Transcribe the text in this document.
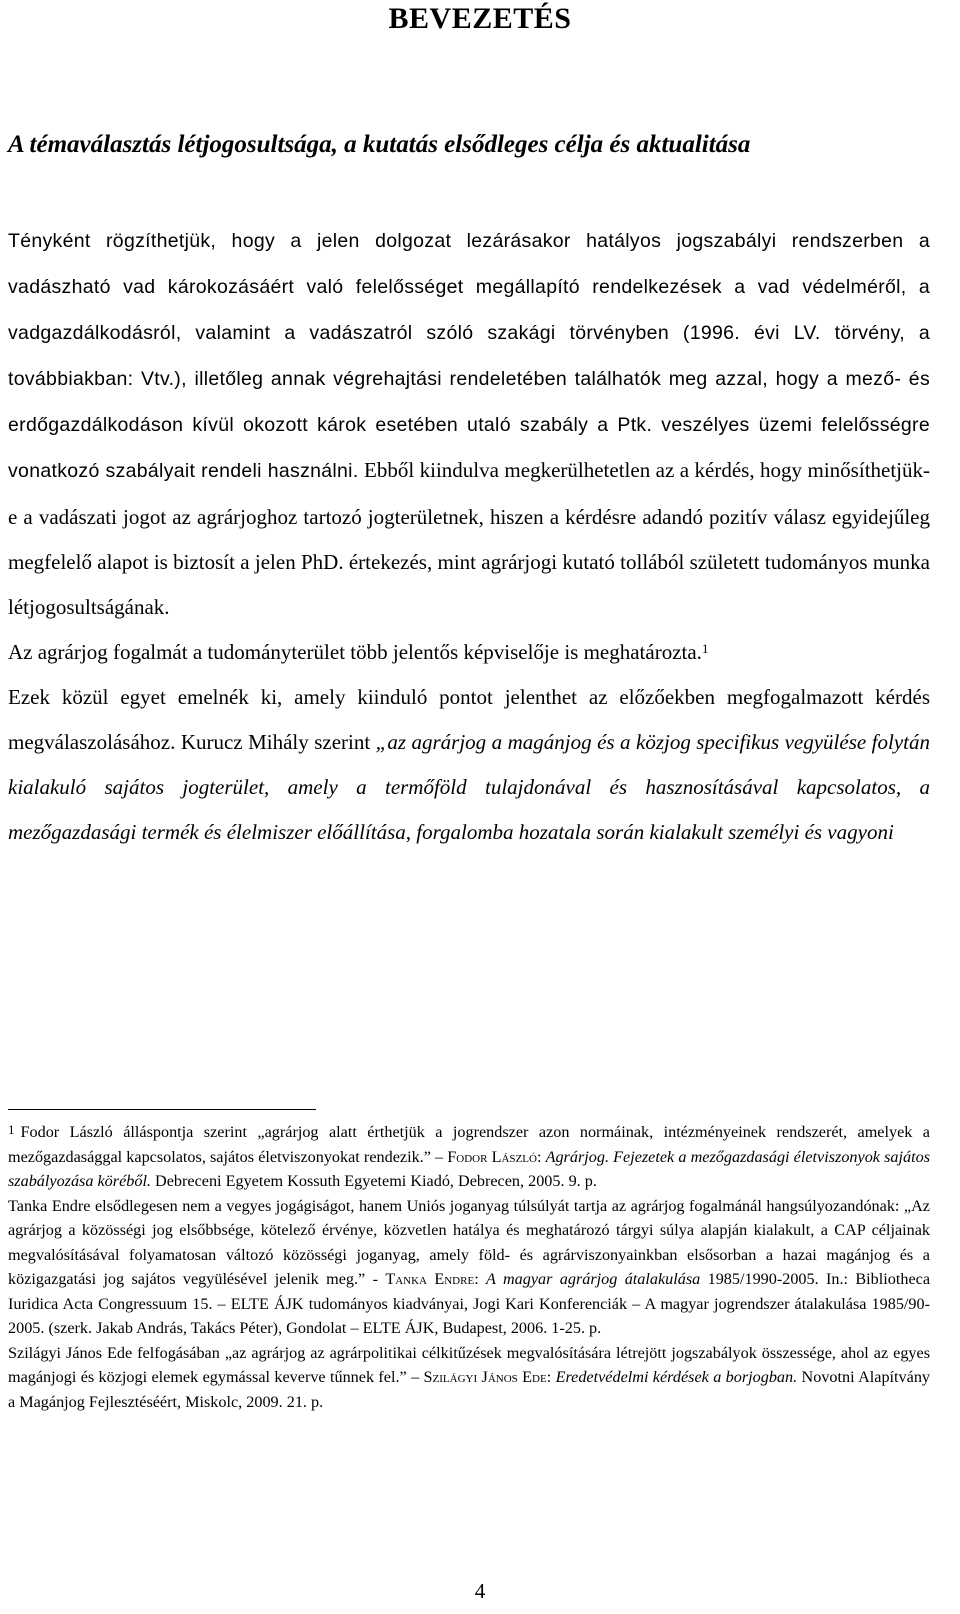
BEVEZETÉS
A témaválasztás létjogosultsága, a kutatás elsődleges célja és aktualitása

Tényként rögzíthetjük, hogy a jelen dolgozat lezárásakor hatályos jogszabályi rendszerben a vadászható vad károkozásáért való felelősséget megállapító rendelkezések a vad védelméről, a vadgazdálkodásról, valamint a vadászatról szóló szakági törvényben (1996. évi LV. törvény, a továbbiakban: Vtv.), illetőleg annak végrehajtási rendeletében találhatók meg azzal, hogy a mező- és erdőgazdálkodáson kívül okozott károk esetében utaló szabály a Ptk. veszélyes üzemi felelősségre vonatkozó szabályait rendeli használni. Ebből kiindulva megkerülhetetlen az a kérdés, hogy minősíthetjük-e a vadászati jogot az agrárjoghoz tartozó jogterületnek, hiszen a kérdésre adandó pozitív válasz egyidejűleg megfelelő alapot is biztosít a jelen PhD. értekezés, mint agrárjogi kutató tollából született tudományos munka létjogosultságának.

Az agrárjog fogalmát a tudományterület több jelentős képviselője is meghatározta.$^1$

Ezek közül egyet emelnék ki, amely kiinduló pontot jelenthet az előzőekben megfogalmazott kérdés megválaszolásához. Kurucz Mihály szerint „az agrárjog a magánjog és a közjog specifikus vegyülése folytán kialakuló sajátos jogterület, amely a termőföld tulajdonával és hasznosításával kapcsolatos, a mezőgazdasági termék és élelmiszer előállítása, forgalomba hozatala során kialakult személyi és vagyoni

$^1$ Fodor László álláspontja szerint „agrárjog alatt érthetjük a jogrendszer azon normáinak, intézményeinek rendszerét, amelyek a mezőgazdasággal kapcsolatos, sajátos életviszonyokat rendezik.” – Fodor László: Agrárjog. Fejezetek a mezőgazdasági életviszonyok sajátos szabályozása köréből. Debreceni Egyetem Kossuth Egyetemi Kiadó, Debrecen, 2005. 9. p.

Tanka Endre elsődlegesen nem a vegyes jogágiságot, hanem Uniós joganyag túlsúlyát tartja az agrárjog fogalmánál hangsúlyozandónak: „Az agrárjog a közösségi jog elsőbbsége, kötelező érvénye, közvetlen hatálya és meghatározó tárgyi súlya alapján kialakult, a CAP céljainak megvalósításával folyamatosan változó közösségi joganyag, amely föld- és agrárviszonyainkban elsősorban a hazai magánjog és a közigazgatási jog sajátos vegyülésével jelenik meg.” - Tanka Endre: A magyar agrárjog átalakulása 1985/1990-2005. In.: Bibliotheca Iuridica Acta Congressuum 15. – ELTE ÁJK tudományos kiadványai, Jogi Kari Konferenciák – A magyar jogrendszer átalakulása 1985/90-2005. (szerk. Jakab András, Takács Péter), Gondolat – ELTE ÁJK, Budapest, 2006. 1-25. p.

Szilágyi János Ede felfogásában „az agrárjog az agrárpolitikai célkitűzések megvalósítására létrejött jogszabályok összessége, ahol az egyes magánjogi és közjogi elemek egymással keverve tűnnek fel.” – Szilágyi János Ede: Eredetvédelmi kérdések a borjogban. Novotni Alapítvány a Magánjog Fejlesztéséért, Miskolc, 2009. 21. p.

4
